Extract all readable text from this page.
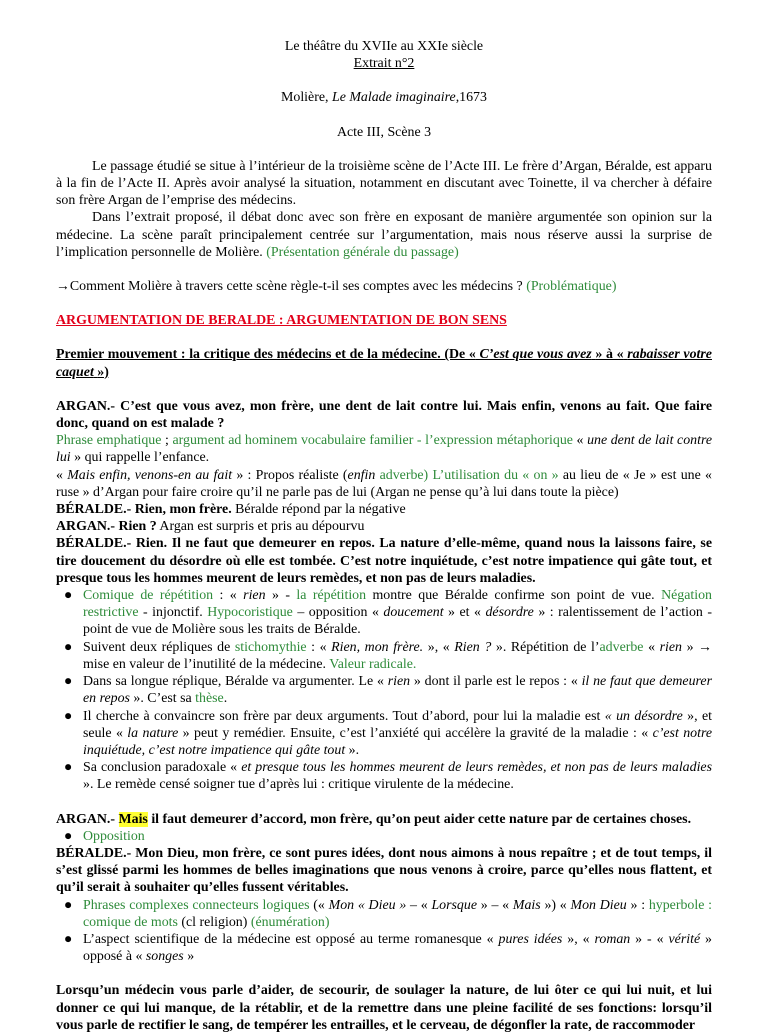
Le théâtre du XVIIe au XXIe siècle

Extrait n°2

Molière, Le Malade imaginaire,1673

Acte III, Scène 3

Le passage étudié se situe à l’intérieur de la troisième scène de l’Acte III. Le frère d’Argan, Béralde, est apparu à la fin de l’Acte II. Après avoir analysé la situation, notamment en discutant avec Toinette, il va chercher à défaire son frère Argan de l’emprise des médecins.

Dans l’extrait proposé, il débat donc avec son frère en exposant de manière argumentée son opinion sur la médecine. La scène paraît principalement centrée sur l’argumentation, mais nous réserve aussi la surprise de l’implication personnelle de Molière. (Présentation générale du passage)

→Comment Molière à travers cette scène règle-t-il ses comptes avec les médecins ? (Problématique)

ARGUMENTATION DE BERALDE : ARGUMENTATION DE BON SENS

Premier mouvement : la critique des médecins et de la médecine. (De « C’est que vous avez » à « rabaisser votre caquet »)

ARGAN.- C’est que vous avez, mon frère, une dent de lait contre lui. Mais enfin, venons au fait. Que faire donc, quand on est malade ?

Phrase emphatique ; argument ad hominem vocabulaire familier - l’expression métaphorique « une dent de lait contre lui » qui rappelle l’enfance.

« Mais enfin, venons-en au fait » : Propos réaliste (enfin adverbe) L’utilisation du « on » au lieu de « Je » est une « ruse » d’Argan pour faire croire qu’il ne parle pas de lui (Argan ne pense qu’à lui dans toute la pièce)

BÉRALDE.- Rien, mon frère. Béralde répond par la négative

ARGAN.- Rien ? Argan est surpris et pris au dépourvu

BÉRALDE.- Rien. Il ne faut que demeurer en repos. La nature d’elle-même, quand nous la laissons faire, se tire doucement du désordre où elle est tombée. C’est notre inquiétude, c’est notre impatience qui gâte tout, et presque tous les hommes meurent de leurs remèdes, et non pas de leurs maladies.

● Comique de répétition : « rien » - la répétition montre que Béralde confirme son point de vue. Négation restrictive - injonctif. Hypocoristique – opposition « doucement » et « désordre » : ralentissement de l’action - point de vue de Molière sous les traits de Béralde.
● Suivent deux répliques de stichomythie : « Rien, mon frère. », « Rien ? ». Répétition de l’adverbe « rien » → mise en valeur de l’inutilité de la médecine. Valeur radicale.
● Dans sa longue réplique, Béralde va argumenter. Le « rien » dont il parle est le repos : « il ne faut que demeurer en repos ». C’est sa thèse.
● Il cherche à convaincre son frère par deux arguments. Tout d’abord, pour lui la maladie est « un désordre », et seule « la nature » peut y remédier. Ensuite, c’est l’anxiété qui accélère la gravité de la maladie : « c’est notre inquiétude, c’est notre impatience qui gâte tout ».
● Sa conclusion paradoxale « et presque tous les hommes meurent de leurs remèdes, et non pas de leurs maladies ». Le remède censé soigner tue d’après lui : critique virulente de la médecine.

ARGAN.- Mais il faut demeurer d’accord, mon frère, qu’on peut aider cette nature par de certaines choses.

● Opposition

BÉRALDE.- Mon Dieu, mon frère, ce sont pures idées, dont nous aimons à nous repaître ; et de tout temps, il s’est glissé parmi les hommes de belles imaginations que nous venons à croire, parce qu’elles nous flattent, et qu’il serait à souhaiter qu’elles fussent véritables.

● Phrases complexes connecteurs logiques (« Mon « Dieu » – « Lorsque » – « Mais ») « Mon Dieu » : hyperbole : comique de mots (cl religion) (énumération)
● L’aspect scientifique de la médecine est opposé au terme romanesque « pures idées », « roman » - « vérité » opposé à « songes »

Lorsqu’un médecin vous parle d’aider, de secourir, de soulager la nature, de lui ôter ce qui lui nuit, et lui donner ce qui lui manque, de la rétablir, et de la remettre dans une pleine facilité de ses fonctions: lorsqu’il vous parle de rectifier le sang, de tempérer les entrailles, et le cerveau, de dégonfler la rate, de raccommoder
